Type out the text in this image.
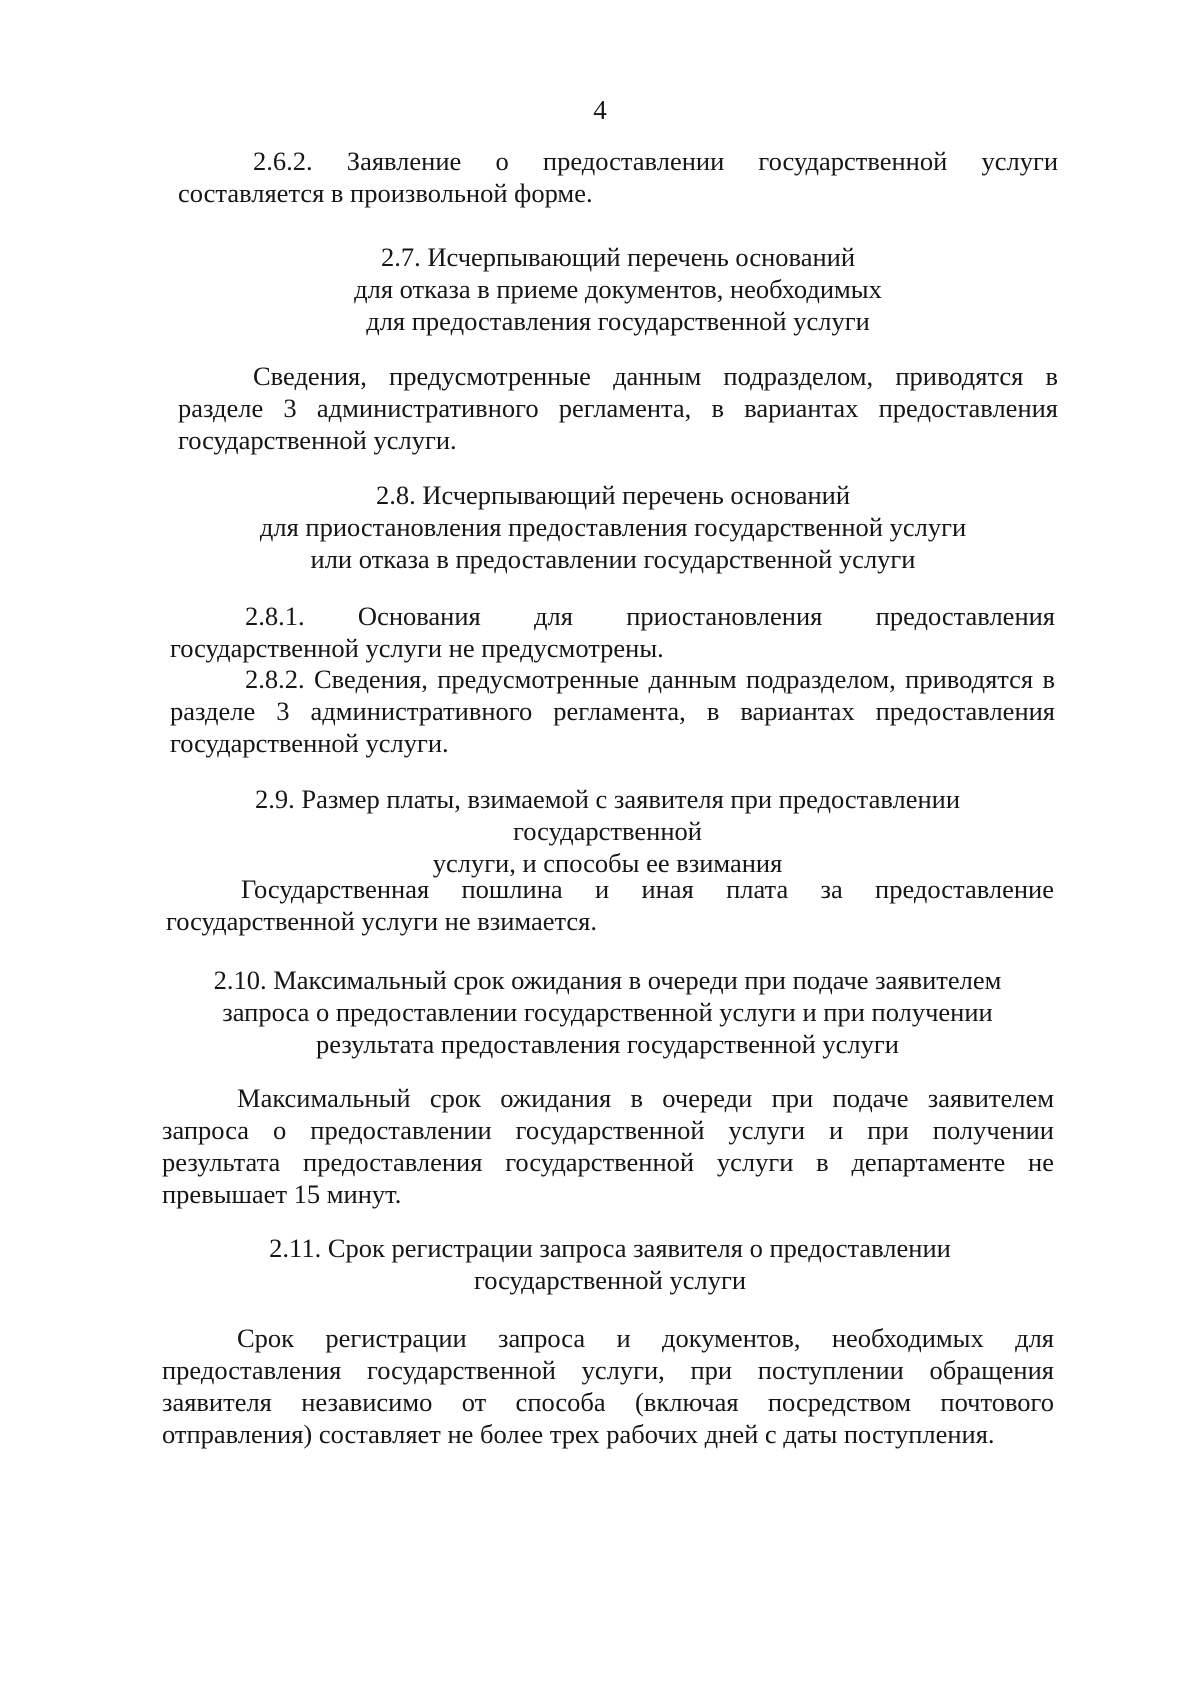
4
2.6.2. Заявление о предоставлении государственной услуги составляется в произвольной форме.
2.7. Исчерпывающий перечень оснований
для отказа в приеме документов, необходимых
для предоставления государственной услуги
Сведения, предусмотренные данным подразделом, приводятся в разделе 3 административного регламента, в вариантах предоставления государственной услуги.
2.8. Исчерпывающий перечень оснований
для приостановления предоставления государственной услуги
или отказа в предоставлении государственной услуги
2.8.1. Основания для приостановления предоставления государственной услуги не предусмотрены.
2.8.2. Сведения, предусмотренные данным подразделом, приводятся в разделе 3 административного регламента, в вариантах предоставления государственной услуги.
2.9. Размер платы, взимаемой с заявителя при предоставлении государственной
услуги, и способы ее взимания
Государственная пошлина и иная плата за предоставление государственной услуги не взимается.
2.10. Максимальный срок ожидания в очереди при подаче заявителем
запроса о предоставлении государственной услуги и при получении
результата предоставления государственной услуги
Максимальный срок ожидания в очереди при подаче заявителем запроса о предоставлении государственной услуги и при получении результата предоставления государственной услуги в департаменте не превышает 15 минут.
2.11. Срок регистрации запроса заявителя о предоставлении
государственной услуги
Срок регистрации запроса и документов, необходимых для предоставления государственной услуги, при поступлении обращения заявителя независимо от способа (включая посредством почтового отправления) составляет не более трех рабочих дней с даты поступления.
